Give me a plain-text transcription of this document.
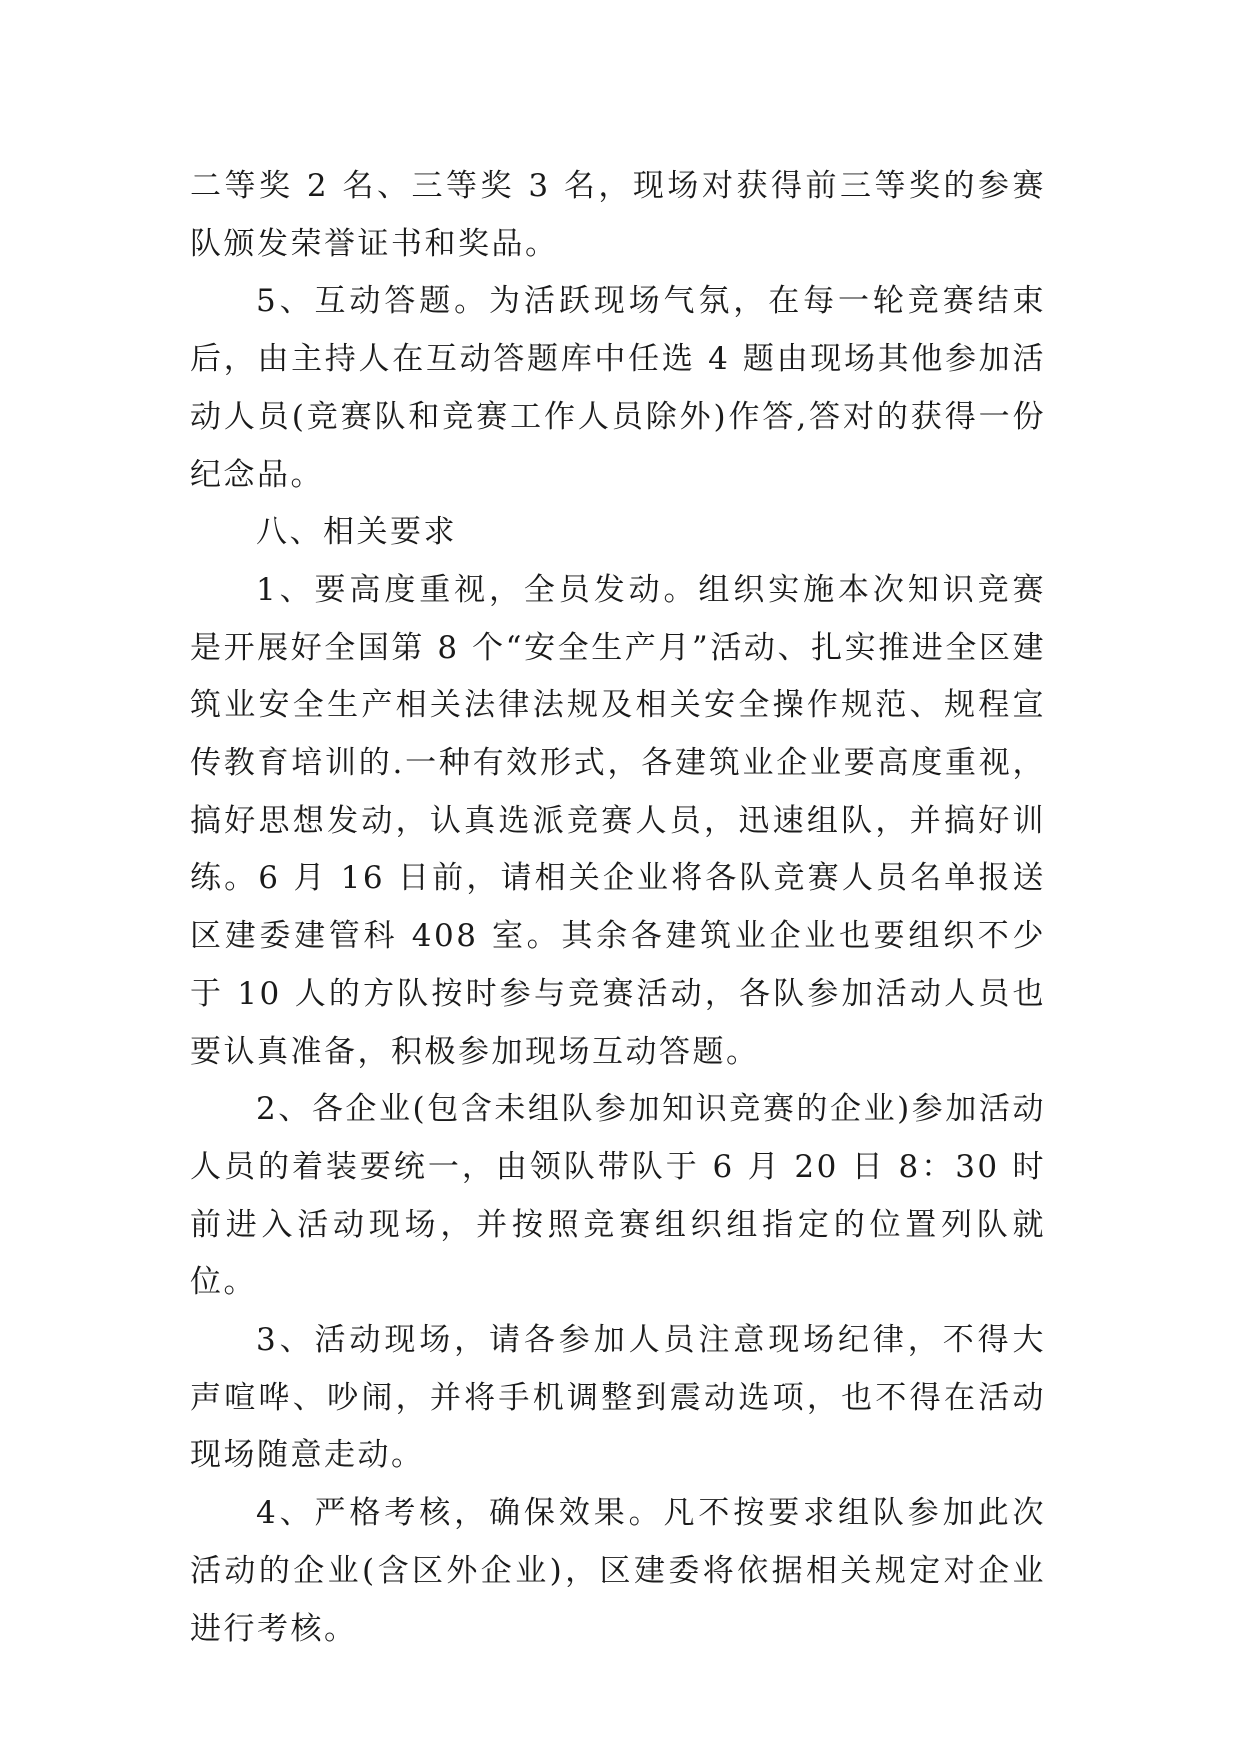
二等奖 2 名、三等奖 3 名，现场对获得前三等奖的参赛队颁发荣誉证书和奖品。

5、互动答题。为活跃现场气氛，在每一轮竞赛结束后，由主持人在互动答题库中任选 4 题由现场其他参加活动人员(竞赛队和竞赛工作人员除外)作答,答对的获得一份纪念品。

八、相关要求

1、要高度重视，全员发动。组织实施本次知识竞赛是开展好全国第 8 个“安全生产月”活动、扎实推进全区建筑业安全生产相关法律法规及相关安全操作规范、规程宣传教育培训的.一种有效形式，各建筑业企业要高度重视，搞好思想发动，认真选派竞赛人员，迅速组队，并搞好训练。6 月 16 日前，请相关企业将各队竞赛人员名单报送区建委建管科 408 室。其余各建筑业企业也要组织不少于 10 人的方队按时参与竞赛活动，各队参加活动人员也要认真准备，积极参加现场互动答题。

2、各企业(包含未组队参加知识竞赛的企业)参加活动人员的着装要统一，由领队带队于 6 月 20 日 8：30 时前进入活动现场，并按照竞赛组织组指定的位置列队就位。

3、活动现场，请各参加人员注意现场纪律，不得大声喧哗、吵闹，并将手机调整到震动选项，也不得在活动现场随意走动。

4、严格考核，确保效果。凡不按要求组队参加此次活动的企业(含区外企业)，区建委将依据相关规定对企业进行考核。
